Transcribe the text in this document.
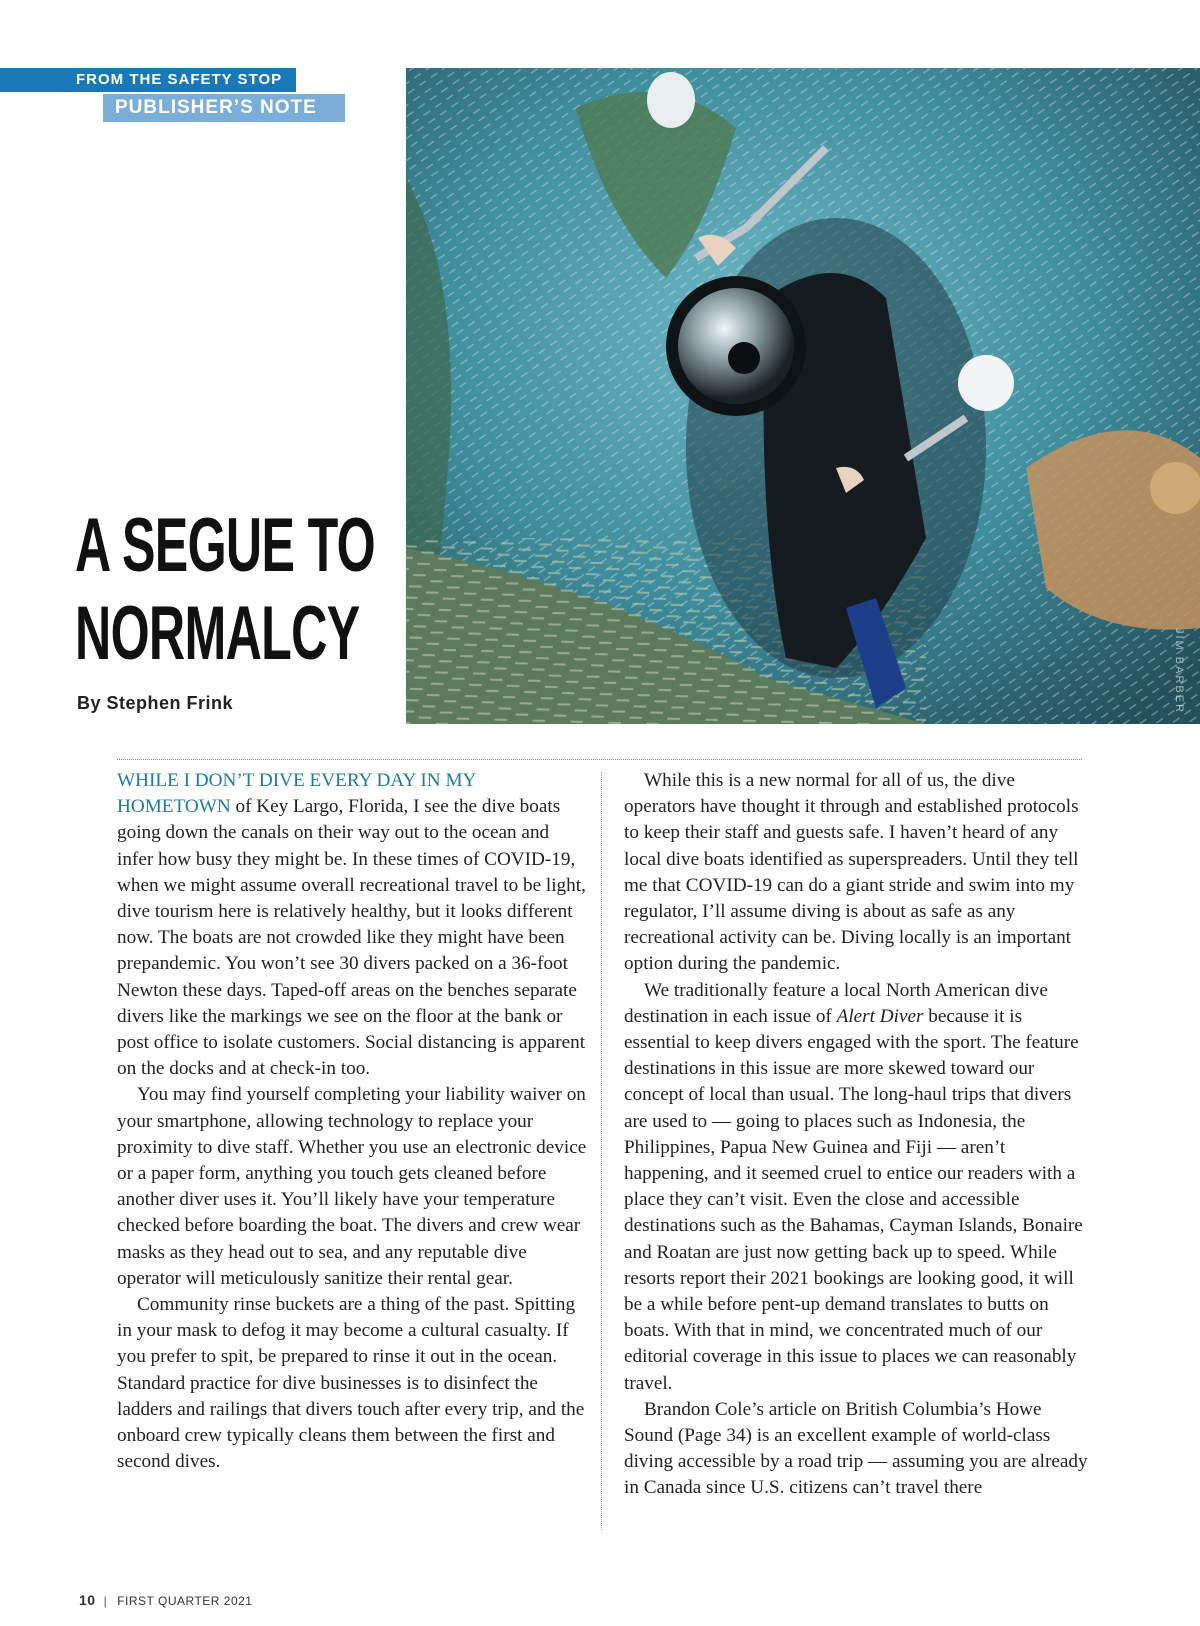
FROM THE SAFETY STOP
PUBLISHER’S NOTE
JIM BARBER
A SEGUE TO
NORMALCY
By Stephen Frink

WHILE I DON’T DIVE EVERY DAY IN MY HOMETOWN of Key Largo, Florida, I see the dive boats going down the canals on their way out to the ocean and infer how busy they might be. In these times of COVID-19, when we might assume overall recreational travel to be light, dive tourism here is relatively healthy, but it looks different now. The boats are not crowded like they might have been prepandemic. You won’t see 30 divers packed on a 36-foot Newton these days. Taped-off areas on the benches separate divers like the markings we see on the floor at the bank or post office to isolate customers. Social distancing is apparent on the docks and at check-in too.

You may find yourself completing your liability waiver on your smartphone, allowing technology to replace your proximity to dive staff. Whether you use an electronic device or a paper form, anything you touch gets cleaned before another diver uses it. You’ll likely have your temperature checked before boarding the boat. The divers and crew wear masks as they head out to sea, and any reputable dive operator will meticulously sanitize their rental gear.

Community rinse buckets are a thing of the past. Spitting in your mask to defog it may become a cultural casualty. If you prefer to spit, be prepared to rinse it out in the ocean. Standard practice for dive businesses is to disinfect the ladders and railings that divers touch after every trip, and the onboard crew typically cleans them between the first and second dives.

While this is a new normal for all of us, the dive operators have thought it through and established protocols to keep their staff and guests safe. I haven’t heard of any local dive boats identified as superspreaders. Until they tell me that COVID-19 can do a giant stride and swim into my regulator, I’ll assume diving is about as safe as any recreational activity can be. Diving locally is an important option during the pandemic.

We traditionally feature a local North American dive destination in each issue of Alert Diver because it is essential to keep divers engaged with the sport. The feature destinations in this issue are more skewed toward our concept of local than usual. The long-haul trips that divers are used to — going to places such as Indonesia, the Philippines, Papua New Guinea and Fiji — aren’t happening, and it seemed cruel to entice our readers with a place they can’t visit. Even the close and accessible destinations such as the Bahamas, Cayman Islands, Bonaire and Roatan are just now getting back up to speed. While resorts report their 2021 bookings are looking good, it will be a while before pent-up demand translates to butts on boats. With that in mind, we concentrated much of our editorial coverage in this issue to places we can reasonably travel.

Brandon Cole’s article on British Columbia’s Howe Sound (Page 34) is an excellent example of world-class diving accessible by a road trip — assuming you are already in Canada since U.S. citizens can’t travel there

10 | FIRST QUARTER 2021
